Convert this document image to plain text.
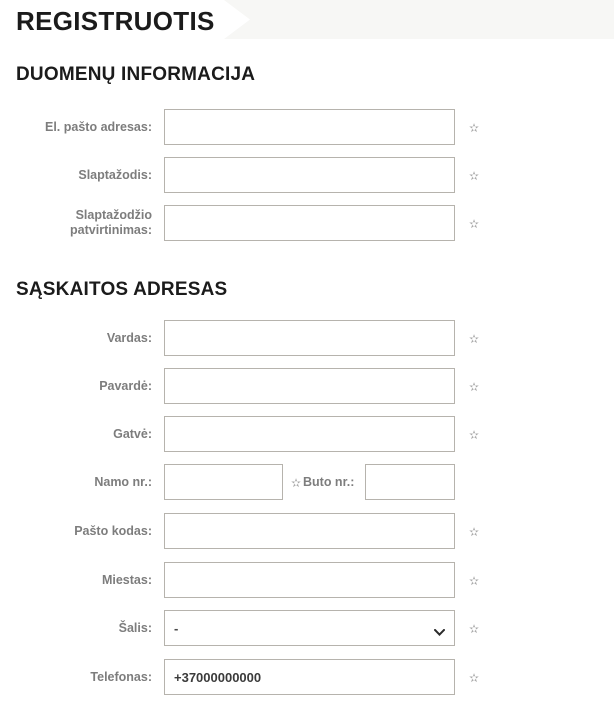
REGISTRUOTIS
DUOMENŲ INFORMACIJA
El. pašto adresas:	✫
Slaptažodis:	✫
Slaptažodžio patvirtinimas:	✫
SĄSKAITOS ADRESAS
Vardas:	✫
Pavardė:	✫
Gatvė:	✫
Namo nr.:	✫ Buto nr.:
Pašto kodas:	✫
Miestas:	✫
Šalis:
-	✫
Telefonas:
+37000000000	✫
